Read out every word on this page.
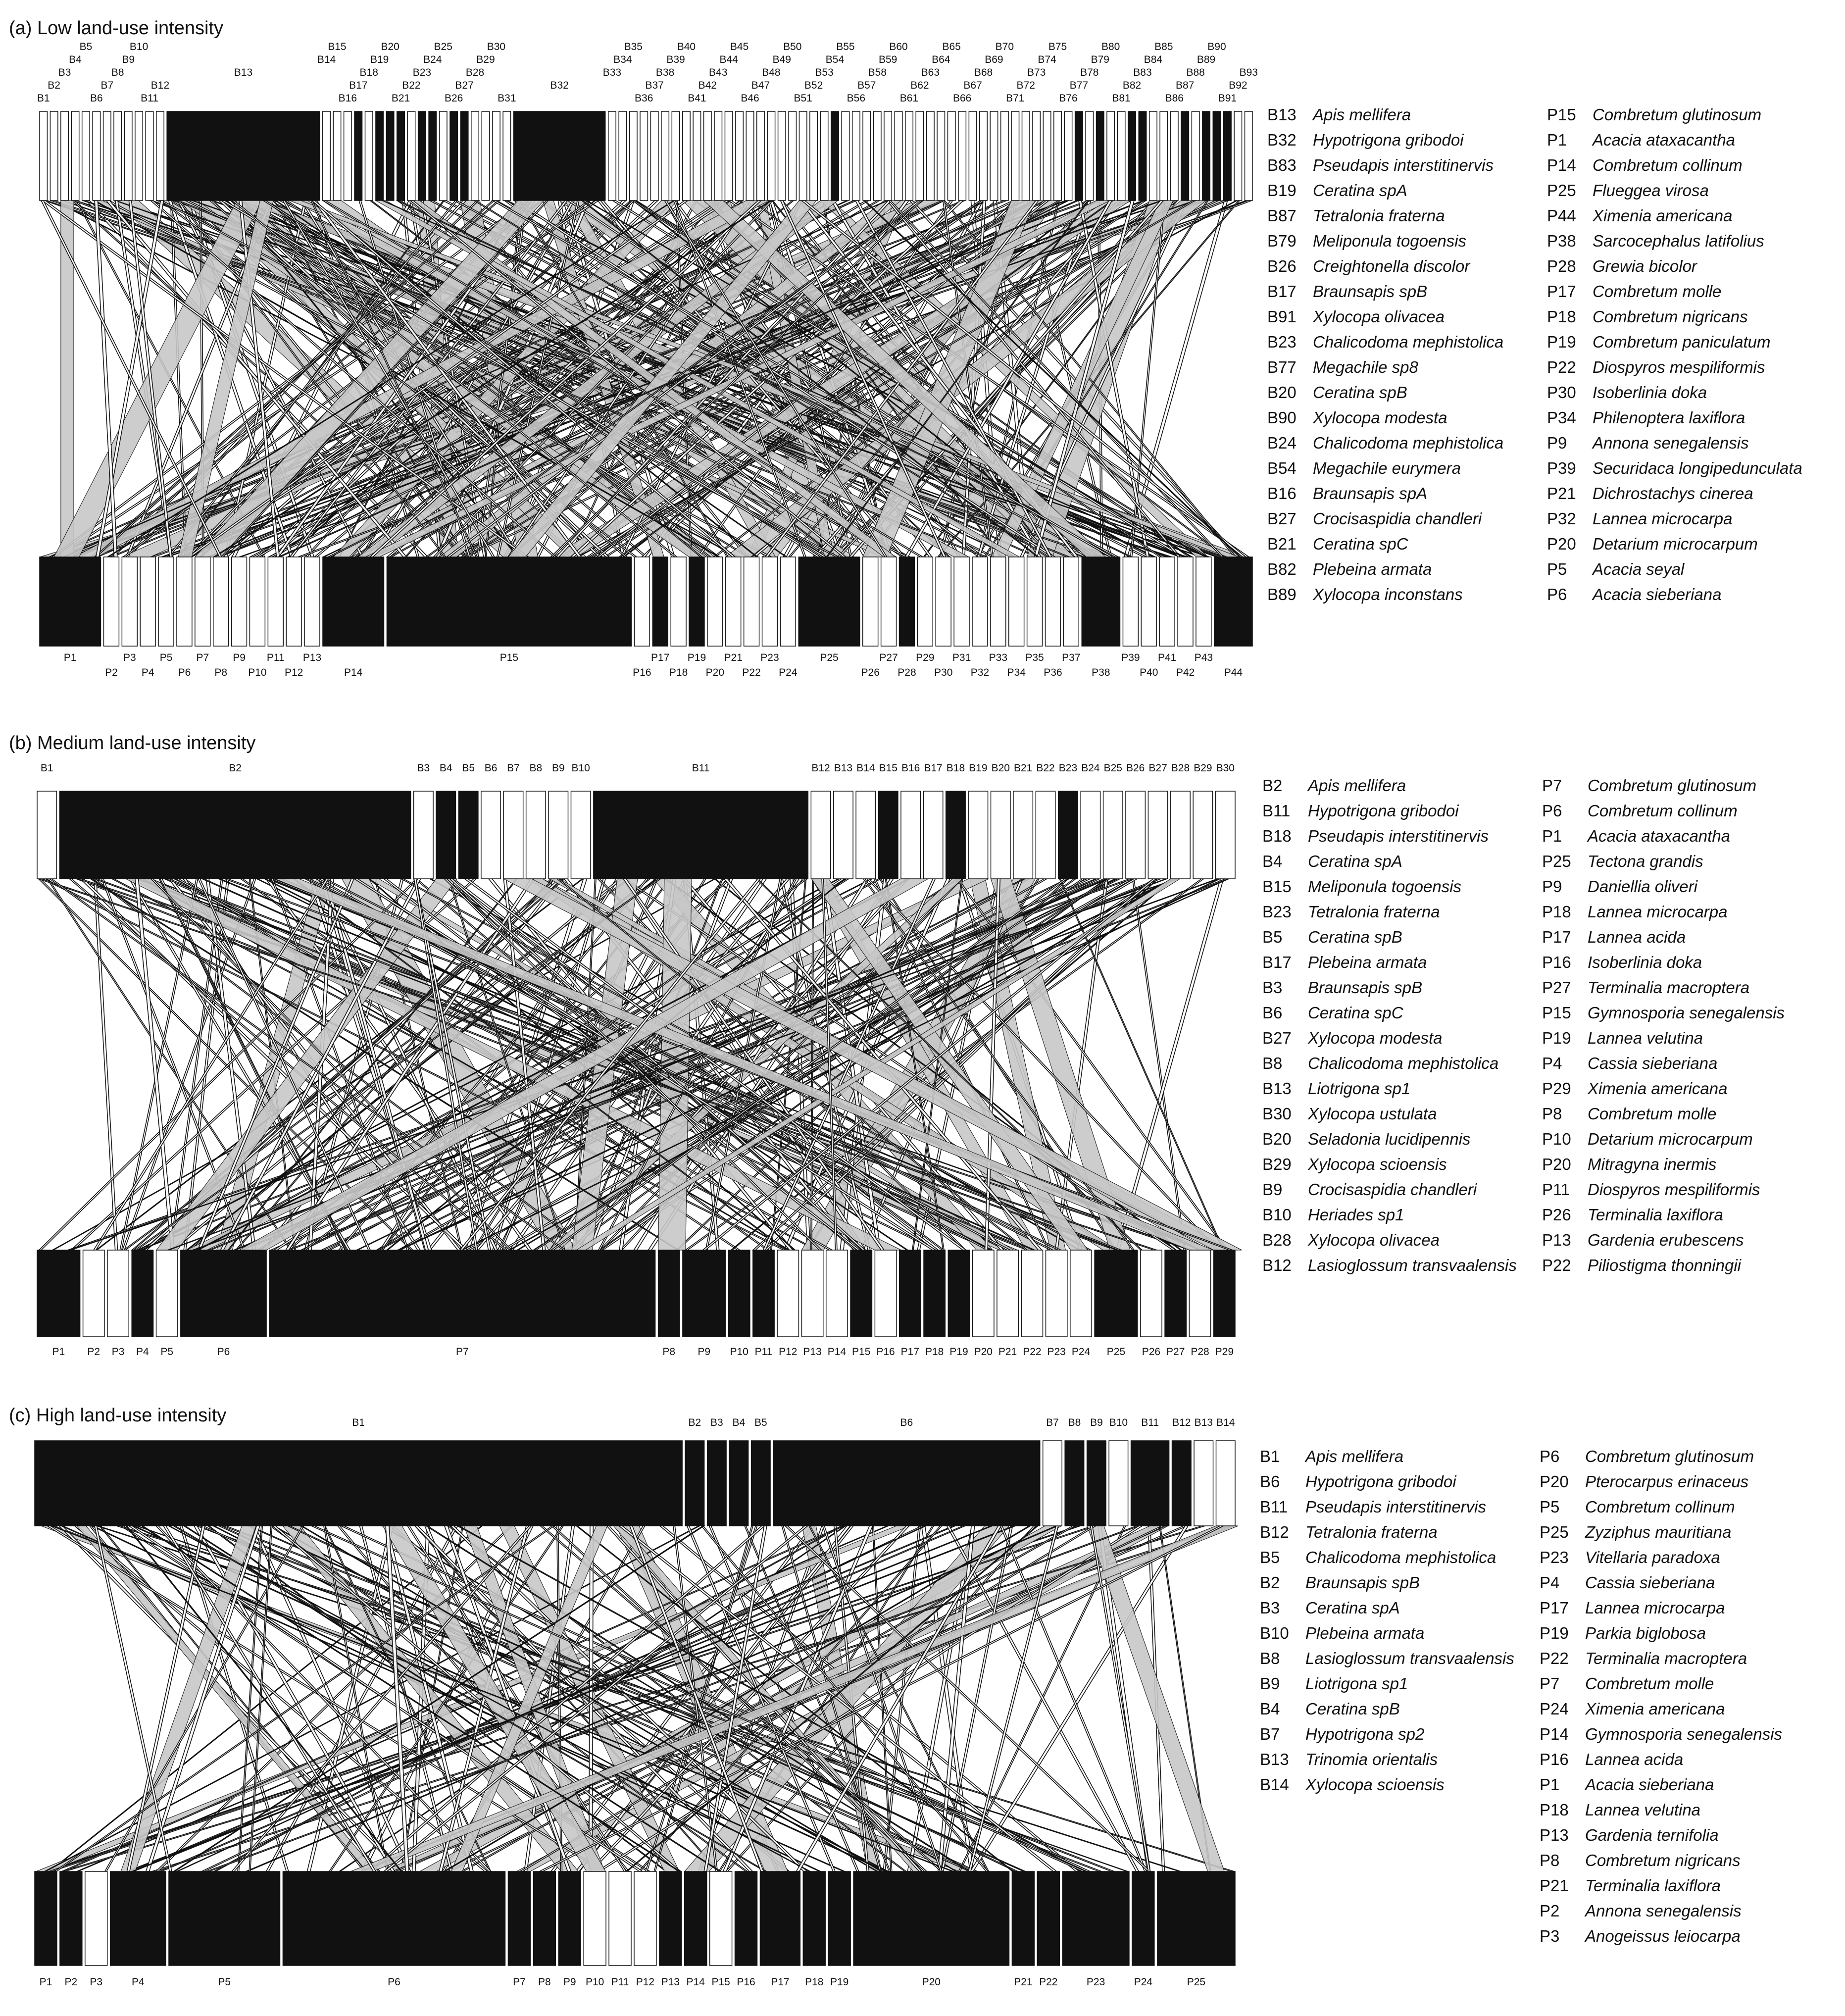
(a) Low land-use intensity
B1
B2
B3
B4
B5
B6
B7
B8
B9
B10
B11
B12
B13
B14
B15
B16
B17
B18
B19
B20
B21
B22
B23
B24
B25
B26
B27
B28
B29
B30
B31
B32
B33
B34
B35
B36
B37
B38
B39
B40
B41
B42
B43
B44
B45
B46
B47
B48
B49
B50
B51
B52
B53
B54
B55
B56
B57
B58
B59
B60
B61
B62
B63
B64
B65
B66
B67
B68
B69
B70
B71
B72
B73
B74
B75
B76
B77
B78
B79
B80
B81
B82
B83
B84
B85
B86
B87
B88
B89
B90
B91
B92
B93
P1
P2
P3
P4
P5
P6
P7
P8
P9
P10
P11
P12
P13
P14
P15
P16
P17
P18
P19
P20
P21
P22
P23
P24
P25
P26
P27
P28
P29
P30
P31
P32
P33
P34
P35
P36
P37
P38
P39
P40
P41
P42
P43
P44
B13 Apis mellifera
B32 Hypotrigona gribodoi
B83 Pseudapis interstitinervis
B19 Ceratina spA
B87 Tetralonia fraterna
B79 Meliponula togoensis
B26 Creightonella discolor
B17 Braunsapis spB
B91 Xylocopa olivacea
B23 Chalicodoma mephistolica
B77 Megachile sp8
B20 Ceratina spB
B90 Xylocopa modesta
B24 Chalicodoma mephistolica
B54 Megachile eurymera
B16 Braunsapis spA
B27 Crocisaspidia chandleri
B21 Ceratina spC
B82 Plebeina armata
B89 Xylocopa inconstans
P15 Combretum glutinosum
P1 Acacia ataxacantha
P14 Combretum collinum
P25 Flueggea virosa
P44 Ximenia americana
P38 Sarcocephalus latifolius
P28 Grewia bicolor
P17 Combretum molle
P18 Combretum nigricans
P19 Combretum paniculatum
P22 Diospyros mespiliformis
P30 Isoberlinia doka
P34 Philenoptera laxiflora
P9 Annona senegalensis
P39 Securidaca longipedunculata
P21 Dichrostachys cinerea
P32 Lannea microcarpa
P20 Detarium microcarpum
P5 Acacia seyal
P6 Acacia sieberiana
(b) Medium land-use intensity
B1	B2	B3 B4 B5 B6 B7 B8 B9 B10	B11	B12 B13 B14 B15 B16 B17 B18 B19 B20 B21 B22 B23 B24 B25 B26 B27 B28 B29 B30
P1 P2 P3 P4 P5	P6	P7	P8 P9 P10 P11 P12 P13 P14 P15 P16 P17 P18 P19 P20 P21 P22 P23 P24 P25 P26 P27 P28 P29
B2 Apis mellifera
B11 Hypotrigona gribodoi
B18 Pseudapis interstitinervis
B4 Ceratina spA
B15 Meliponula togoensis
B23 Tetralonia fraterna
B5 Ceratina spB
B17 Plebeina armata
B3 Braunsapis spB
B6 Ceratina spC
B27 Xylocopa modesta
B8 Chalicodoma mephistolica
B13 Liotrigona sp1
B30 Xylocopa ustulata
B20 Seladonia lucidipennis
B29 Xylocopa scioensis
B9 Crocisaspidia chandleri
B10 Heriades sp1
B28 Xylocopa olivacea
B12 Lasioglossum transvaalensis
P7 Combretum glutinosum
P6 Combretum collinum
P1 Acacia ataxacantha
P25 Tectona grandis
P9 Daniellia oliveri
P18 Lannea microcarpa
P17 Lannea acida
P16 Isoberlinia doka
P27 Terminalia macroptera
P15 Gymnosporia senegalensis
P19 Lannea velutina
P4 Cassia sieberiana
P29 Ximenia americana
P8 Combretum molle
P10 Detarium microcarpum
P20 Mitragyna inermis
P11 Diospyros mespiliformis
P26 Terminalia laxiflora
P13 Gardenia erubescens
P22 Piliostigma thonningii
(c) High land-use intensity	B1	B2 B3 B4 B5	B6	B7 B8 B9 B10 B11 B12 B13 B14
P1 P2 P3	P4	P5	P6	P7 P8 P9 P10 P11 P12 P13 P14 P15 P16 P17 P18 P19	P20	P21 P22	P23	P24	P25
B1 Apis mellifera
B6 Hypotrigona gribodoi
B11 Pseudapis interstitinervis
B12 Tetralonia fraterna
B5 Chalicodoma mephistolica
B2 Braunsapis spB
B3 Ceratina spA
B10 Plebeina armata
B8 Lasioglossum transvaalensis
B9 Liotrigona sp1
B4 Ceratina spB
B7 Hypotrigona sp2
B13 Trinomia orientalis
B14 Xylocopa scioensis
P6 Combretum glutinosum
P20 Pterocarpus erinaceus
P5 Combretum collinum
P25 Zyziphus mauritiana
P23 Vitellaria paradoxa
P4 Cassia sieberiana
P17 Lannea microcarpa
P19 Parkia biglobosa
P22 Terminalia macroptera
P7 Combretum molle
P24 Ximenia americana
P14 Gymnosporia senegalensis
P16 Lannea acida
P1 Acacia sieberiana
P18 Lannea velutina
P13 Gardenia ternifolia
P8 Combretum nigricans
P21 Terminalia laxiflora
P2 Annona senegalensis
P3 Anogeissus leiocarpa
